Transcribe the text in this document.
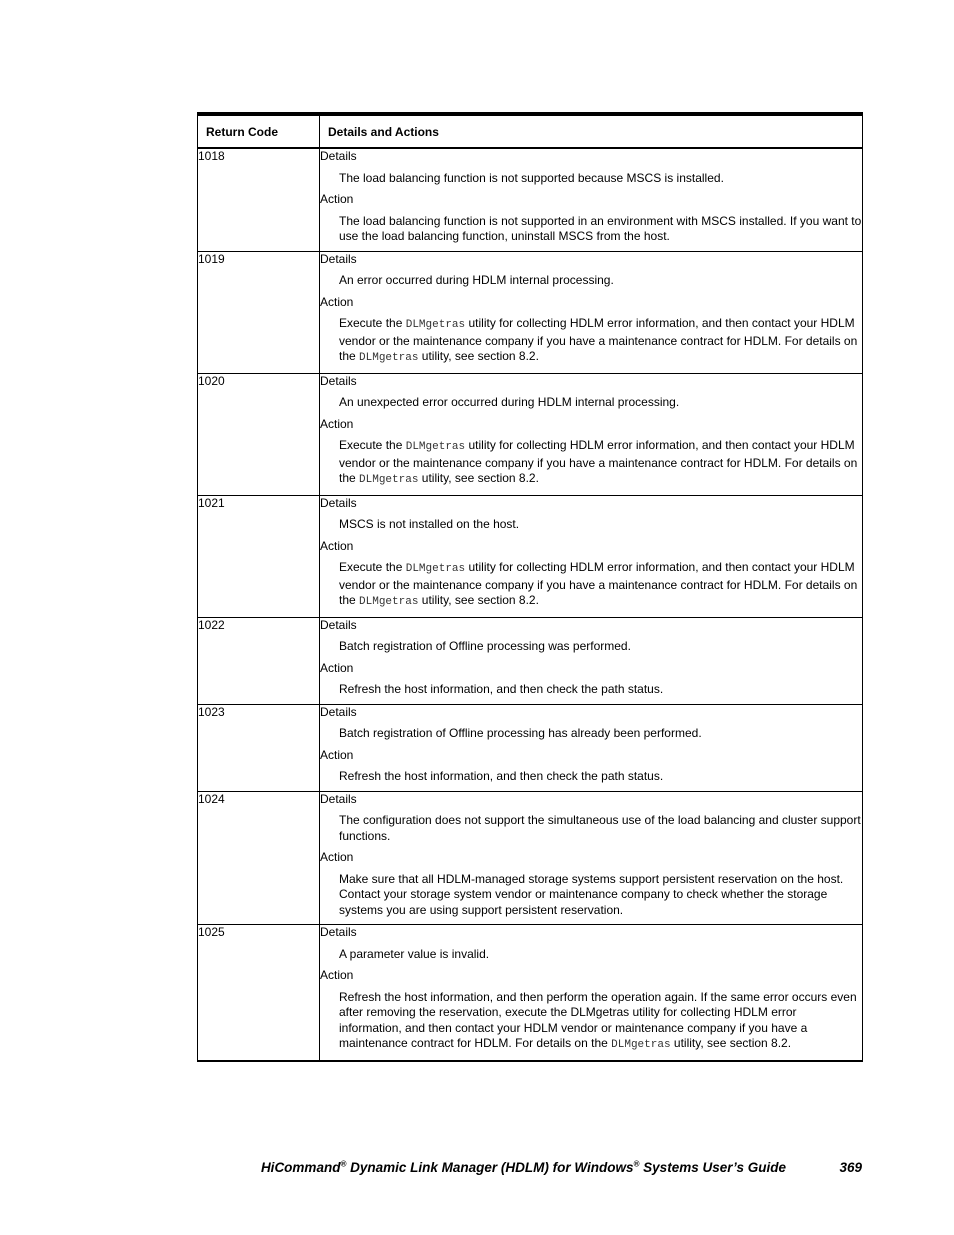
Return Code	Details and Actions
1018	Details

The load balancing function is not supported because MSCS is installed.

Action

The load balancing function is not supported in an environment with MSCS installed. If you want to use the load balancing function, uninstall MSCS from the host.

1019	Details

An error occurred during HDLM internal processing.

Action

Execute the DLMgetras utility for collecting HDLM error information, and then contact your HDLM vendor or the maintenance company if you have a maintenance contract for HDLM. For details on the DLMgetras utility, see section 8.2.

1020	Details

An unexpected error occurred during HDLM internal processing.

Action

Execute the DLMgetras utility for collecting HDLM error information, and then contact your HDLM vendor or the maintenance company if you have a maintenance contract for HDLM. For details on the DLMgetras utility, see section 8.2.

1021	Details

MSCS is not installed on the host.

Action

Execute the DLMgetras utility for collecting HDLM error information, and then contact your HDLM vendor or the maintenance company if you have a maintenance contract for HDLM. For details on the DLMgetras utility, see section 8.2.

1022	Details

Batch registration of Offline processing was performed.

Action

Refresh the host information, and then check the path status.

1023	Details

Batch registration of Offline processing has already been performed.

Action

Refresh the host information, and then check the path status.

1024	Details

The configuration does not support the simultaneous use of the load balancing and cluster support functions.

Action

Make sure that all HDLM-managed storage systems support persistent reservation on the host. Contact your storage system vendor or maintenance company to check whether the storage systems you are using support persistent reservation.

1025	Details

A parameter value is invalid.

Action

Refresh the host information, and then perform the operation again. If the same error occurs even after removing the reservation, execute the DLMgetras utility for collecting HDLM error information, and then contact your HDLM vendor or maintenance company if you have a maintenance contract for HDLM. For details on the DLMgetras utility, see section 8.2.

HiCommand® Dynamic Link Manager (HDLM) for Windows® Systems User’s Guide	369
